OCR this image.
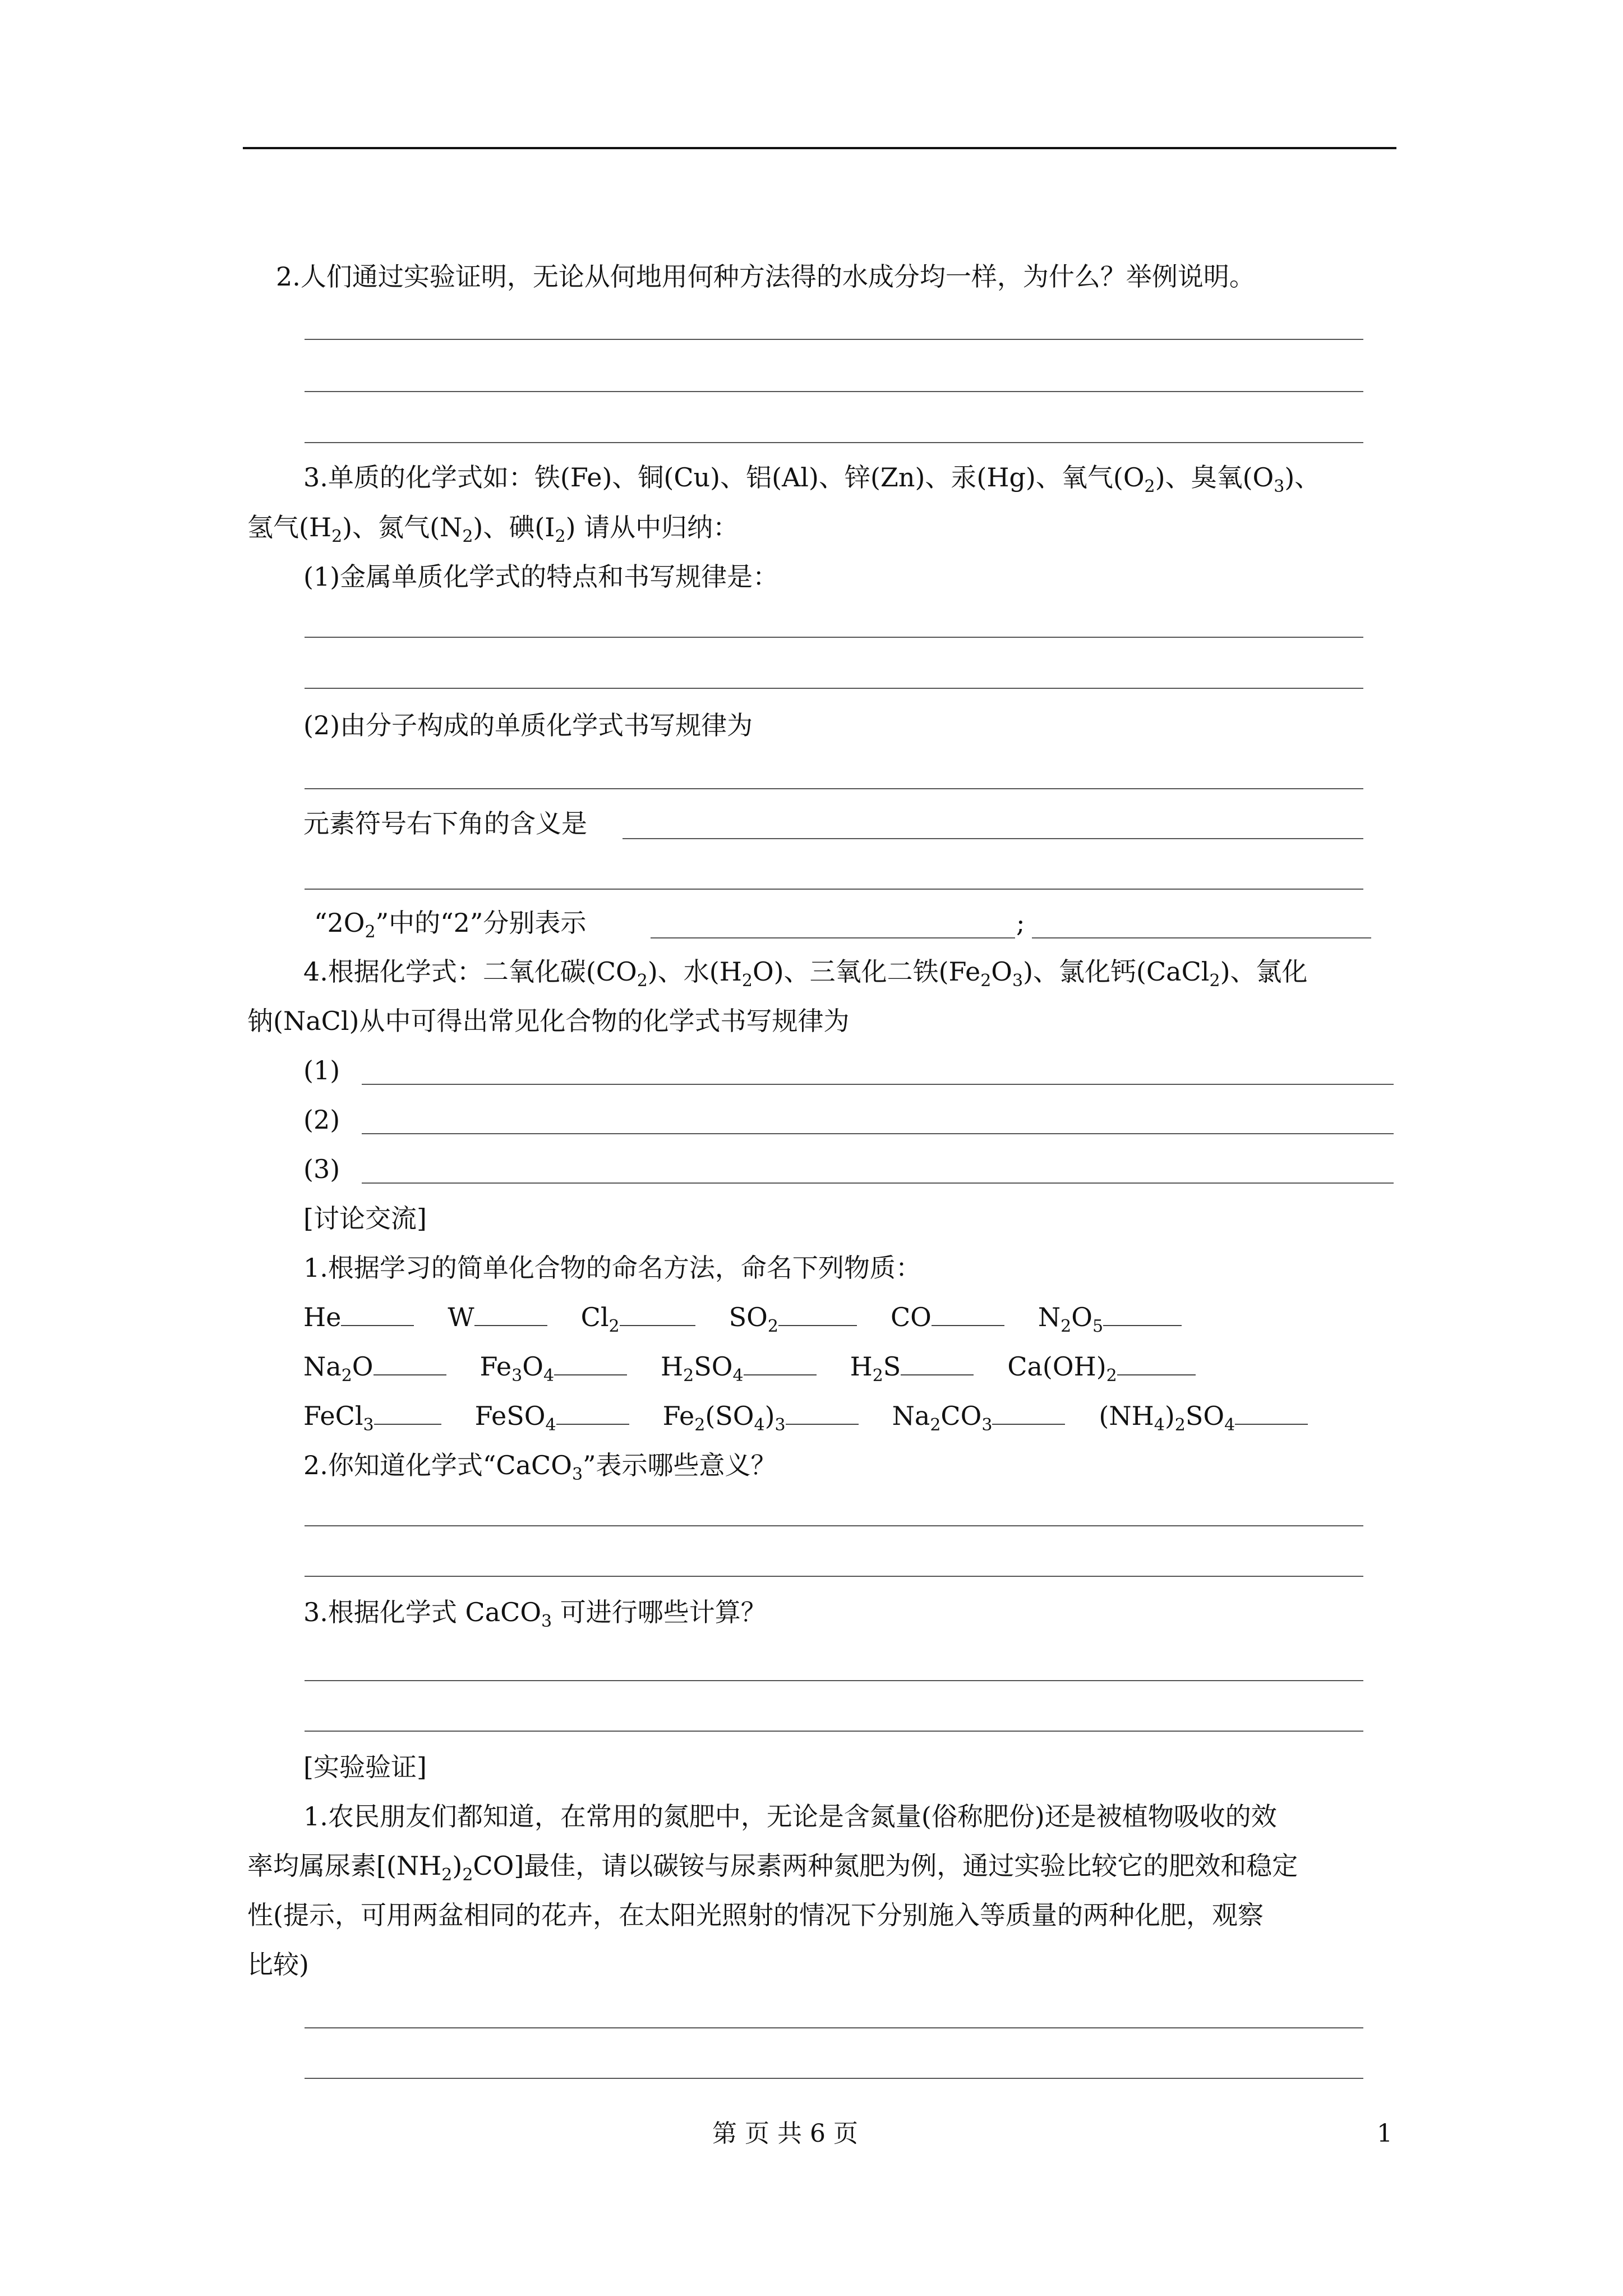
2.人们通过实验证明，无论从何地用何种方法得的水成分均一样，为什么？举例说明。
3.单质的化学式如：铁(Fe)、铜(Cu)、铝(Al)、锌(Zn)、汞(Hg)、氧气$(O_2)$、臭氧$(O_3)$、
氢气$(H_2)$、氮气$(N_2)$、碘$(I_2)$ 请从中归纳：
(1)金属单质化学式的特点和书写规律是：
(2)由分子构成的单质化学式书写规律为
元素符号右下角的含义是
“$2O_2$”中的“2”分别表示	;
4.根据化学式：二氧化碳$(CO_2)$、水$(H_2O)$、三氧化二铁$(Fe_2O_3)$、氯化钙(CaCl$_2$)、氯化
钠(NaCl)从中可得出常见化合物的化学式书写规律为
(1)
(2)
(3)
[讨论交流]
1.根据学习的简单化合物的命名方法，命名下列物质：
He	W	$Cl_2$	$SO_2$	CO	$N_2O_5$
$Na_2O$	$Fe_3O_4$	$H_2SO_4$	$H_2S$	$Ca(OH)_2$
FeCl$_3$	FeSO$_4$	$Fe_2(SO_4)_3$	$Na_2CO_3$	$(NH_4)_2SO_4$
2.你知道化学式“CaCO$_3$”表示哪些意义？
3.根据化学式 CaCO$_3$ 可进行哪些计算？
[实验验证]
1.农民朋友们都知道，在常用的氮肥中，无论是含氮量(俗称肥份)还是被植物吸收的效
率均属尿素$[(NH_2)_2CO]$最佳，请以碳铵与尿素两种氮肥为例，通过实验比较它的肥效和稳定
性(提示，可用两盆相同的花卉，在太阳光照射的情况下分别施入等质量的两种化肥，观察
比较)
第 页 共 6 页	1
